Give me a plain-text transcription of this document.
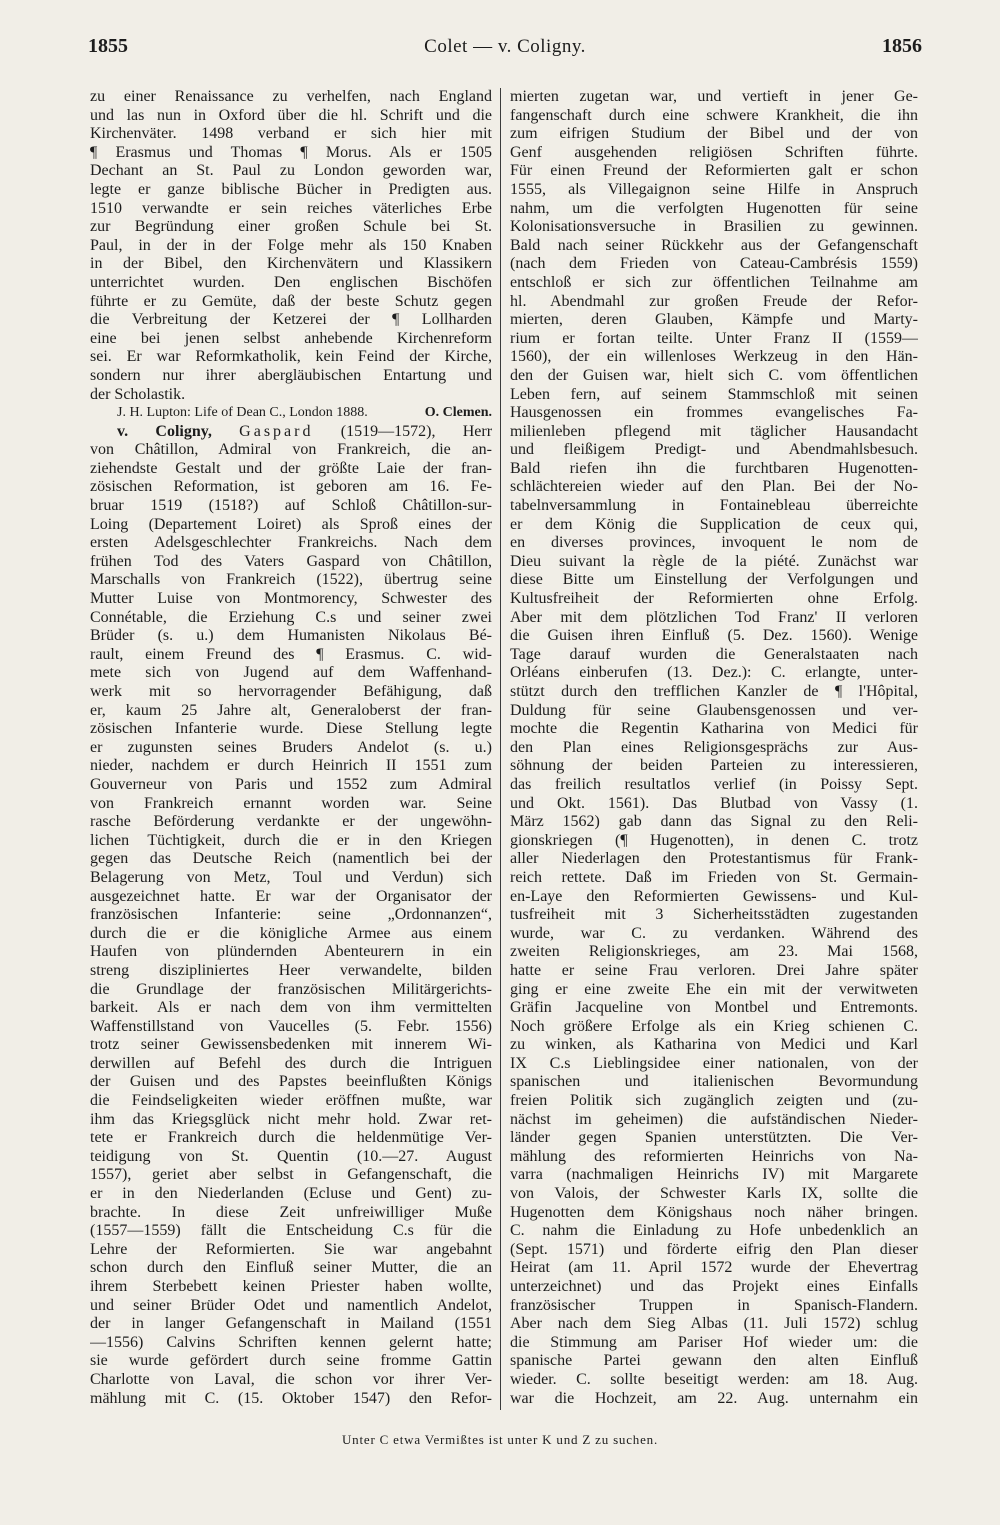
1855	Colet — v. Coligny.	1856
zu einer Renaissance zu verhelfen, nach England
und las nun in Oxford über die hl. Schrift und die
Kirchenväter. 1498 verband er sich hier mit
¶ Erasmus und Thomas ¶ Morus. Als er 1505
Dechant an St. Paul zu London geworden war,
legte er ganze biblische Bücher in Predigten aus.
1510 verwandte er sein reiches väterliches Erbe
zur Begründung einer großen Schule bei St.
Paul, in der in der Folge mehr als 150 Knaben
in der Bibel, den Kirchenvätern und Klassikern
unterrichtet wurden. Den englischen Bischöfen
führte er zu Gemüte, daß der beste Schutz gegen
die Verbreitung der Ketzerei der ¶ Lollharden
eine bei jenen selbst anhebende Kirchenreform
sei. Er war Reformkatholik, kein Feind der Kirche,
sondern nur ihrer abergläubischen Entartung und
der Scholastik.
J. H. Lupton: Life of Dean C., London 1888.	O. Clemen.
v. Coligny, Gaspard (1519—1572), Herr
von Châtillon, Admiral von Frankreich, die an-
ziehendste Gestalt und der größte Laie der fran-
zösischen Reformation, ist geboren am 16. Fe-
bruar 1519 (1518?) auf Schloß Châtillon-sur-
Loing (Departement Loiret) als Sproß eines der
ersten Adelsgeschlechter Frankreichs. Nach dem
frühen Tod des Vaters Gaspard von Châtillon,
Marschalls von Frankreich (1522), übertrug seine
Mutter Luise von Montmorency, Schwester des
Connétable, die Erziehung C.s und seiner zwei
Brüder (s. u.) dem Humanisten Nikolaus Bé-
rault, einem Freund des ¶ Erasmus. C. wid-
mete sich von Jugend auf dem Waffenhand-
werk mit so hervorragender Befähigung, daß
er, kaum 25 Jahre alt, Generaloberst der fran-
zösischen Infanterie wurde. Diese Stellung legte
er zugunsten seines Bruders Andelot (s. u.)
nieder, nachdem er durch Heinrich II 1551 zum
Gouverneur von Paris und 1552 zum Admiral
von Frankreich ernannt worden war. Seine
rasche Beförderung verdankte er der ungewöhn-
lichen Tüchtigkeit, durch die er in den Kriegen
gegen das Deutsche Reich (namentlich bei der
Belagerung von Metz, Toul und Verdun) sich
ausgezeichnet hatte. Er war der Organisator der
französischen Infanterie: seine „Ordonnanzen“,
durch die er die königliche Armee aus einem
Haufen von plündernden Abenteurern in ein
streng diszipliniertes Heer verwandelte, bilden
die Grundlage der französischen Militärgerichts-
barkeit. Als er nach dem von ihm vermittelten
Waffenstillstand von Vaucelles (5. Febr. 1556)
trotz seiner Gewissensbedenken mit innerem Wi-
derwillen auf Befehl des durch die Intriguen
der Guisen und des Papstes beeinflußten Königs
die Feindseligkeiten wieder eröffnen mußte, war
ihm das Kriegsglück nicht mehr hold. Zwar ret-
tete er Frankreich durch die heldenmütige Ver-
teidigung von St. Quentin (10.—27. August
1557), geriet aber selbst in Gefangenschaft, die
er in den Niederlanden (Ecluse und Gent) zu-
brachte. In diese Zeit unfreiwilliger Muße
(1557—1559) fällt die Entscheidung C.s für die
Lehre der Reformierten. Sie war angebahnt
schon durch den Einfluß seiner Mutter, die an
ihrem Sterbebett keinen Priester haben wollte,
und seiner Brüder Odet und namentlich Andelot,
der in langer Gefangenschaft in Mailand (1551
—1556) Calvins Schriften kennen gelernt hatte;
sie wurde gefördert durch seine fromme Gattin
Charlotte von Laval, die schon vor ihrer Ver-
mählung mit C. (15. Oktober 1547) den Refor-
mierten zugetan war, und vertieft in jener Ge-
fangenschaft durch eine schwere Krankheit, die ihn
zum eifrigen Studium der Bibel und der von
Genf ausgehenden religiösen Schriften führte.
Für einen Freund der Reformierten galt er schon
1555, als Villegaignon seine Hilfe in Anspruch
nahm, um die verfolgten Hugenotten für seine
Kolonisationsversuche in Brasilien zu gewinnen.
Bald nach seiner Rückkehr aus der Gefangenschaft
(nach dem Frieden von Cateau-Cambrésis 1559)
entschloß er sich zur öffentlichen Teilnahme am
hl. Abendmahl zur großen Freude der Refor-
mierten, deren Glauben, Kämpfe und Marty-
rium er fortan teilte. Unter Franz II (1559—
1560), der ein willenloses Werkzeug in den Hän-
den der Guisen war, hielt sich C. vom öffentlichen
Leben fern, auf seinem Stammschloß mit seinen
Hausgenossen ein frommes evangelisches Fa-
milienleben pflegend mit täglicher Hausandacht
und fleißigem Predigt- und Abendmahlsbesuch.
Bald riefen ihn die furchtbaren Hugenotten-
schlächtereien wieder auf den Plan. Bei der No-
tabelnversammlung in Fontainebleau überreichte
er dem König die Supplication de ceux qui,
en diverses provinces, invoquent le nom de
Dieu suivant la règle de la piété. Zunächst war
diese Bitte um Einstellung der Verfolgungen und
Kultusfreiheit der Reformierten ohne Erfolg.
Aber mit dem plötzlichen Tod Franz' II verloren
die Guisen ihren Einfluß (5. Dez. 1560). Wenige
Tage darauf wurden die Generalstaaten nach
Orléans einberufen (13. Dez.): C. erlangte, unter-
stützt durch den trefflichen Kanzler de ¶ l'Hôpital,
Duldung für seine Glaubensgenossen und ver-
mochte die Regentin Katharina von Medici für
den Plan eines Religionsgesprächs zur Aus-
söhnung der beiden Parteien zu interessieren,
das freilich resultatlos verlief (in Poissy Sept.
und Okt. 1561). Das Blutbad von Vassy (1.
März 1562) gab dann das Signal zu den Reli-
gionskriegen (¶ Hugenotten), in denen C. trotz
aller Niederlagen den Protestantismus für Frank-
reich rettete. Daß im Frieden von St. Germain-
en-Laye den Reformierten Gewissens- und Kul-
tusfreiheit mit 3 Sicherheitsstädten zugestanden
wurde, war C. zu verdanken. Während des
zweiten Religionskrieges, am 23. Mai 1568,
hatte er seine Frau verloren. Drei Jahre später
ging er eine zweite Ehe ein mit der verwitweten
Gräfin Jacqueline von Montbel und Entremonts.
Noch größere Erfolge als ein Krieg schienen C.
zu winken, als Katharina von Medici und Karl
IX C.s Lieblingsidee einer nationalen, von der
spanischen und italienischen Bevormundung
freien Politik sich zugänglich zeigten und (zu-
nächst im geheimen) die aufständischen Nieder-
länder gegen Spanien unterstützten. Die Ver-
mählung des reformierten Heinrichs von Na-
varra (nachmaligen Heinrichs IV) mit Margarete
von Valois, der Schwester Karls IX, sollte die
Hugenotten dem Königshaus noch näher bringen.
C. nahm die Einladung zu Hofe unbedenklich an
(Sept. 1571) und förderte eifrig den Plan dieser
Heirat (am 11. April 1572 wurde der Ehevertrag
unterzeichnet) und das Projekt eines Einfalls
französischer Truppen in Spanisch-Flandern.
Aber nach dem Sieg Albas (11. Juli 1572) schlug
die Stimmung am Pariser Hof wieder um: die
spanische Partei gewann den alten Einfluß
wieder. C. sollte beseitigt werden: am 18. Aug.
war die Hochzeit, am 22. Aug. unternahm ein
Unter C etwa Vermißtes ist unter K und Z zu suchen.
